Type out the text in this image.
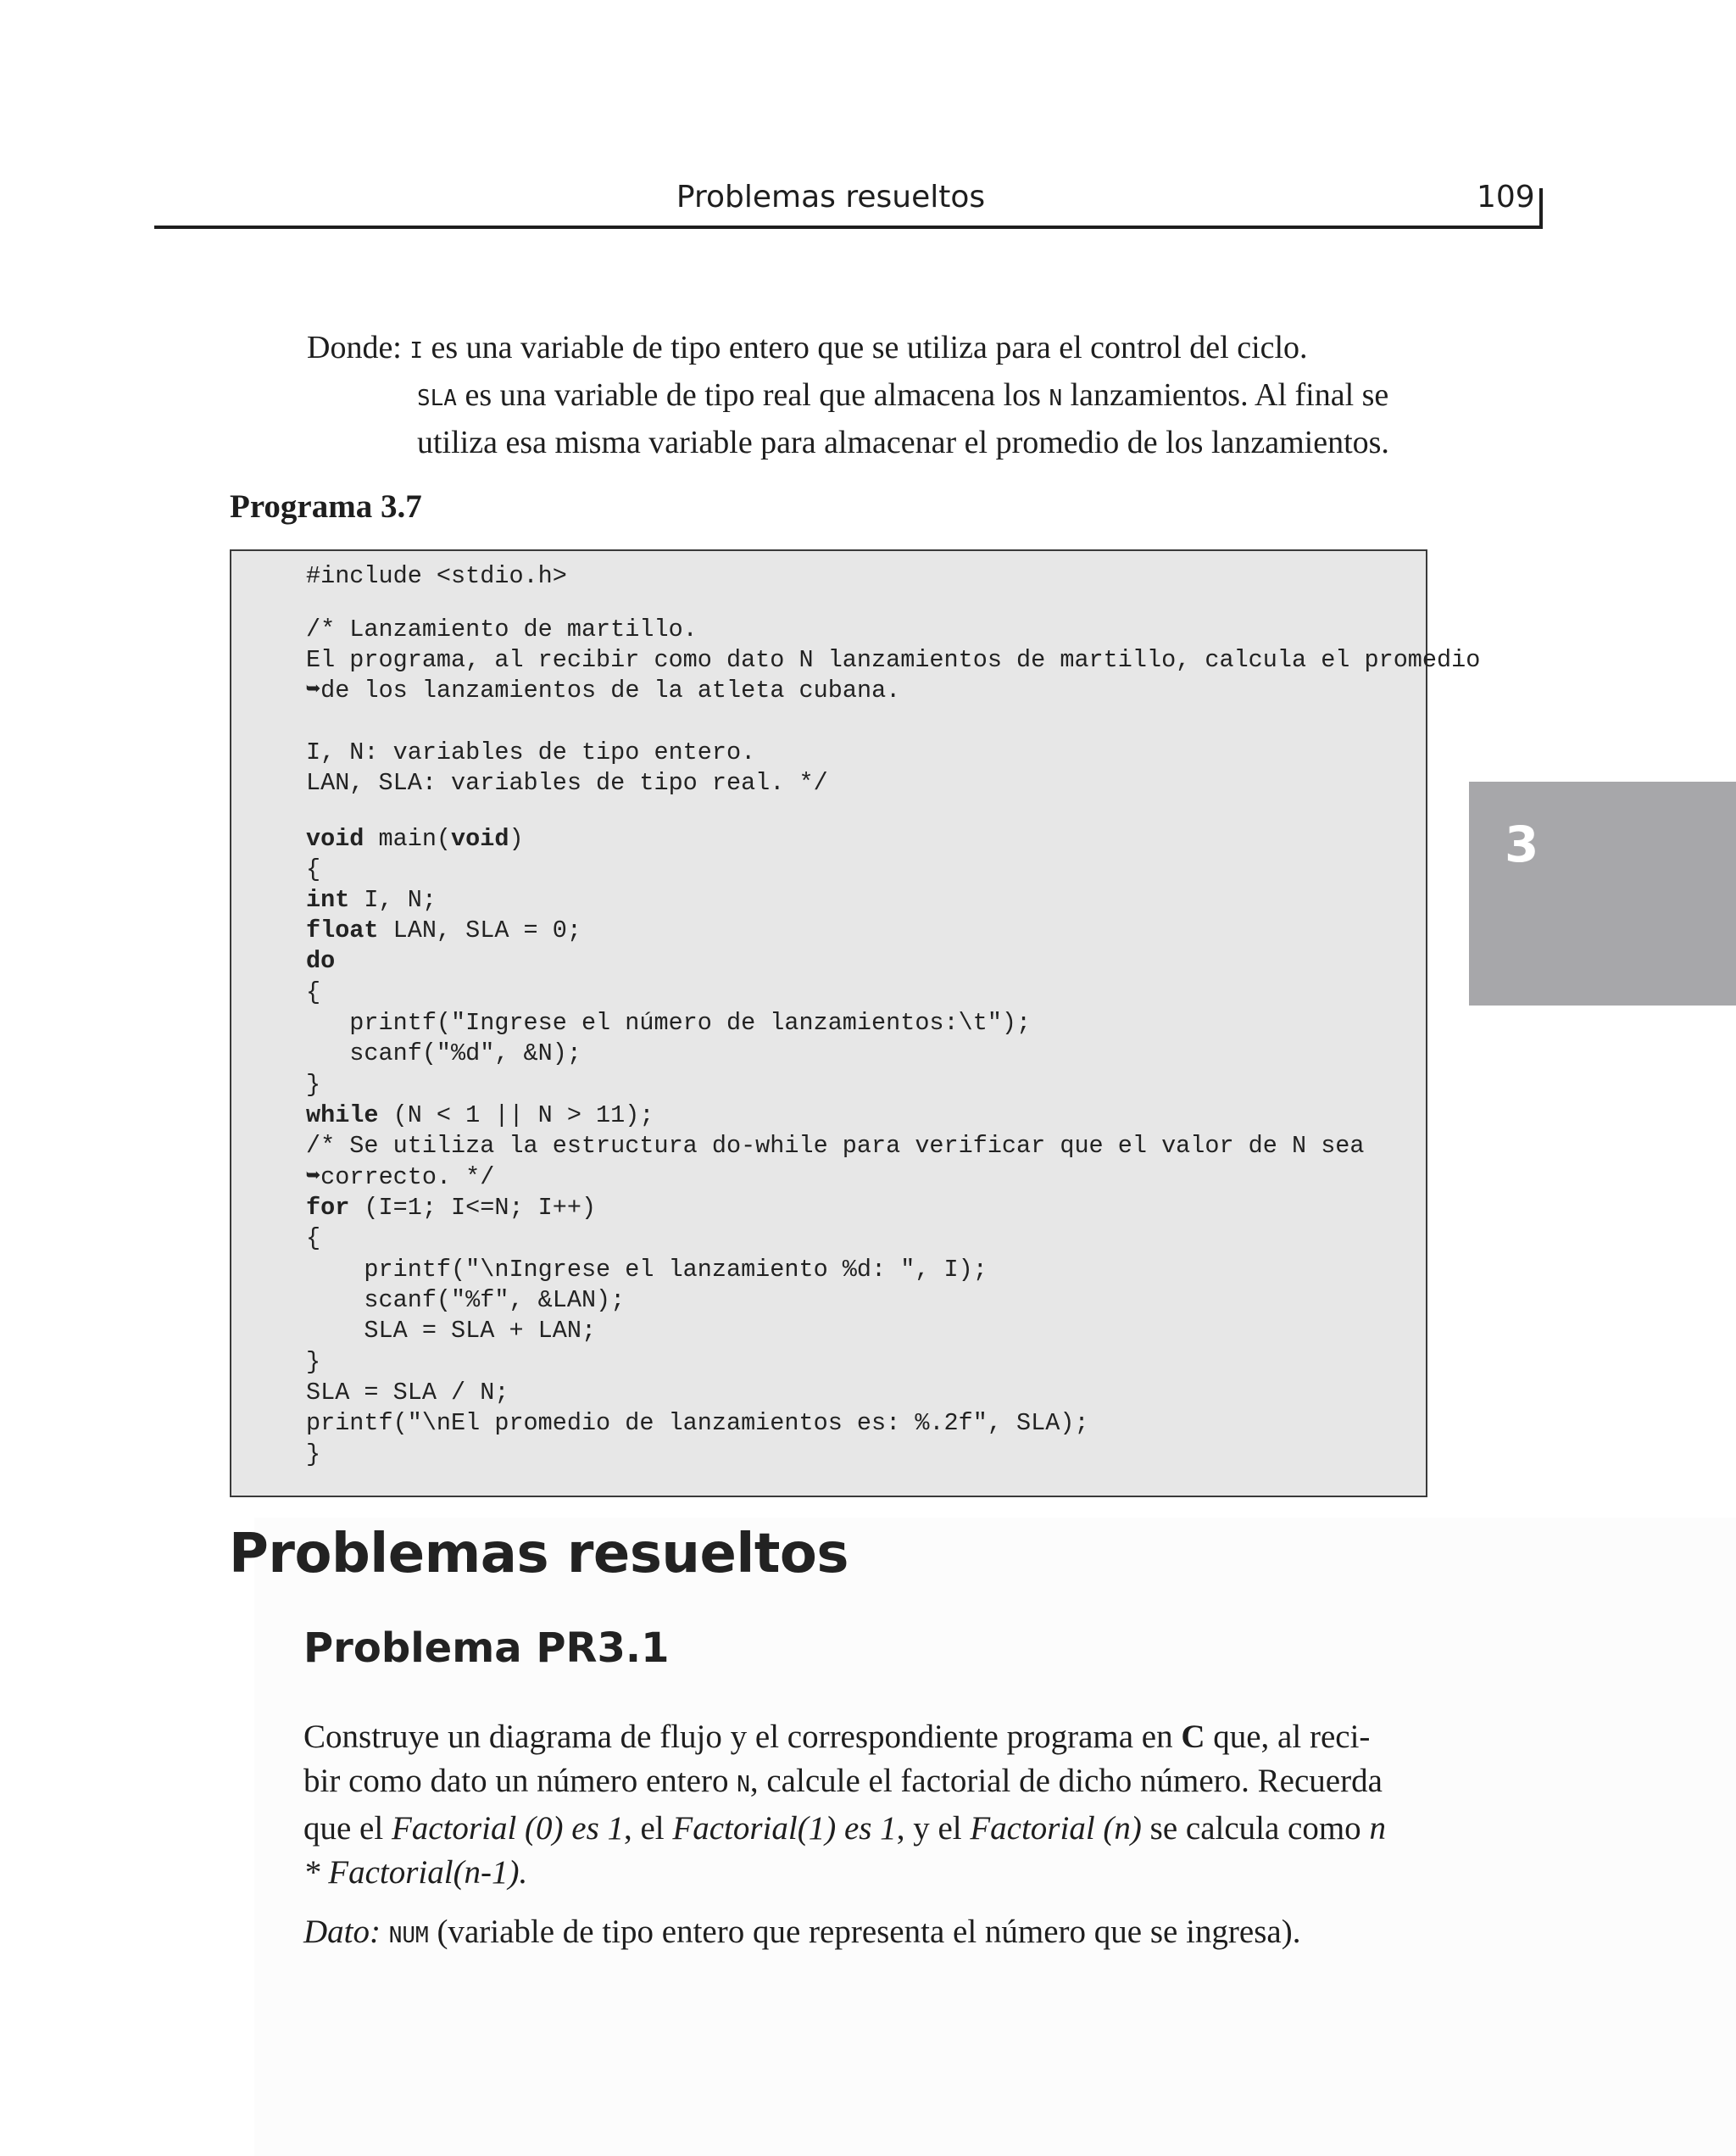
Problemas resueltos	109
3
Donde: I es una variable de tipo entero que se utiliza para el control del ciclo.
SLA es una variable de tipo real que almacena los N lanzamientos. Al final se
utiliza esa misma variable para almacenar el promedio de los lanzamientos.
Programa 3.7
#include <stdio.h>
/* Lanzamiento de martillo.
El programa, al recibir como dato N lanzamientos de martillo, calcula el promedio
➥de los lanzamientos de la atleta cubana.
I, N: variables de tipo entero.
LAN, SLA: variables de tipo real. */
void main(void)
{
int I, N;
float LAN, SLA = 0;
do
{
printf("Ingrese el número de lanzamientos:\t");
scanf("%d", &N);
}
while (N < 1 || N > 11);
/* Se utiliza la estructura do-while para verificar que el valor de N sea
➥correcto. */
for (I=1; I<=N; I++)
{
printf("\nIngrese el lanzamiento %d: ", I);
scanf("%f", &LAN);
SLA = SLA + LAN;
}
SLA = SLA / N;
printf("\nEl promedio de lanzamientos es: %.2f", SLA);
}
Problemas resueltos
Problema PR3.1
Construye un diagrama de flujo y el correspondiente programa en C que, al reci-
bir como dato un número entero N, calcule el factorial de dicho número. Recuerda
que el Factorial (0) es 1, el Factorial(1) es 1, y el Factorial (n) se calcula como n
* Factorial(n-1).
Dato: NUM (variable de tipo entero que representa el número que se ingresa).
